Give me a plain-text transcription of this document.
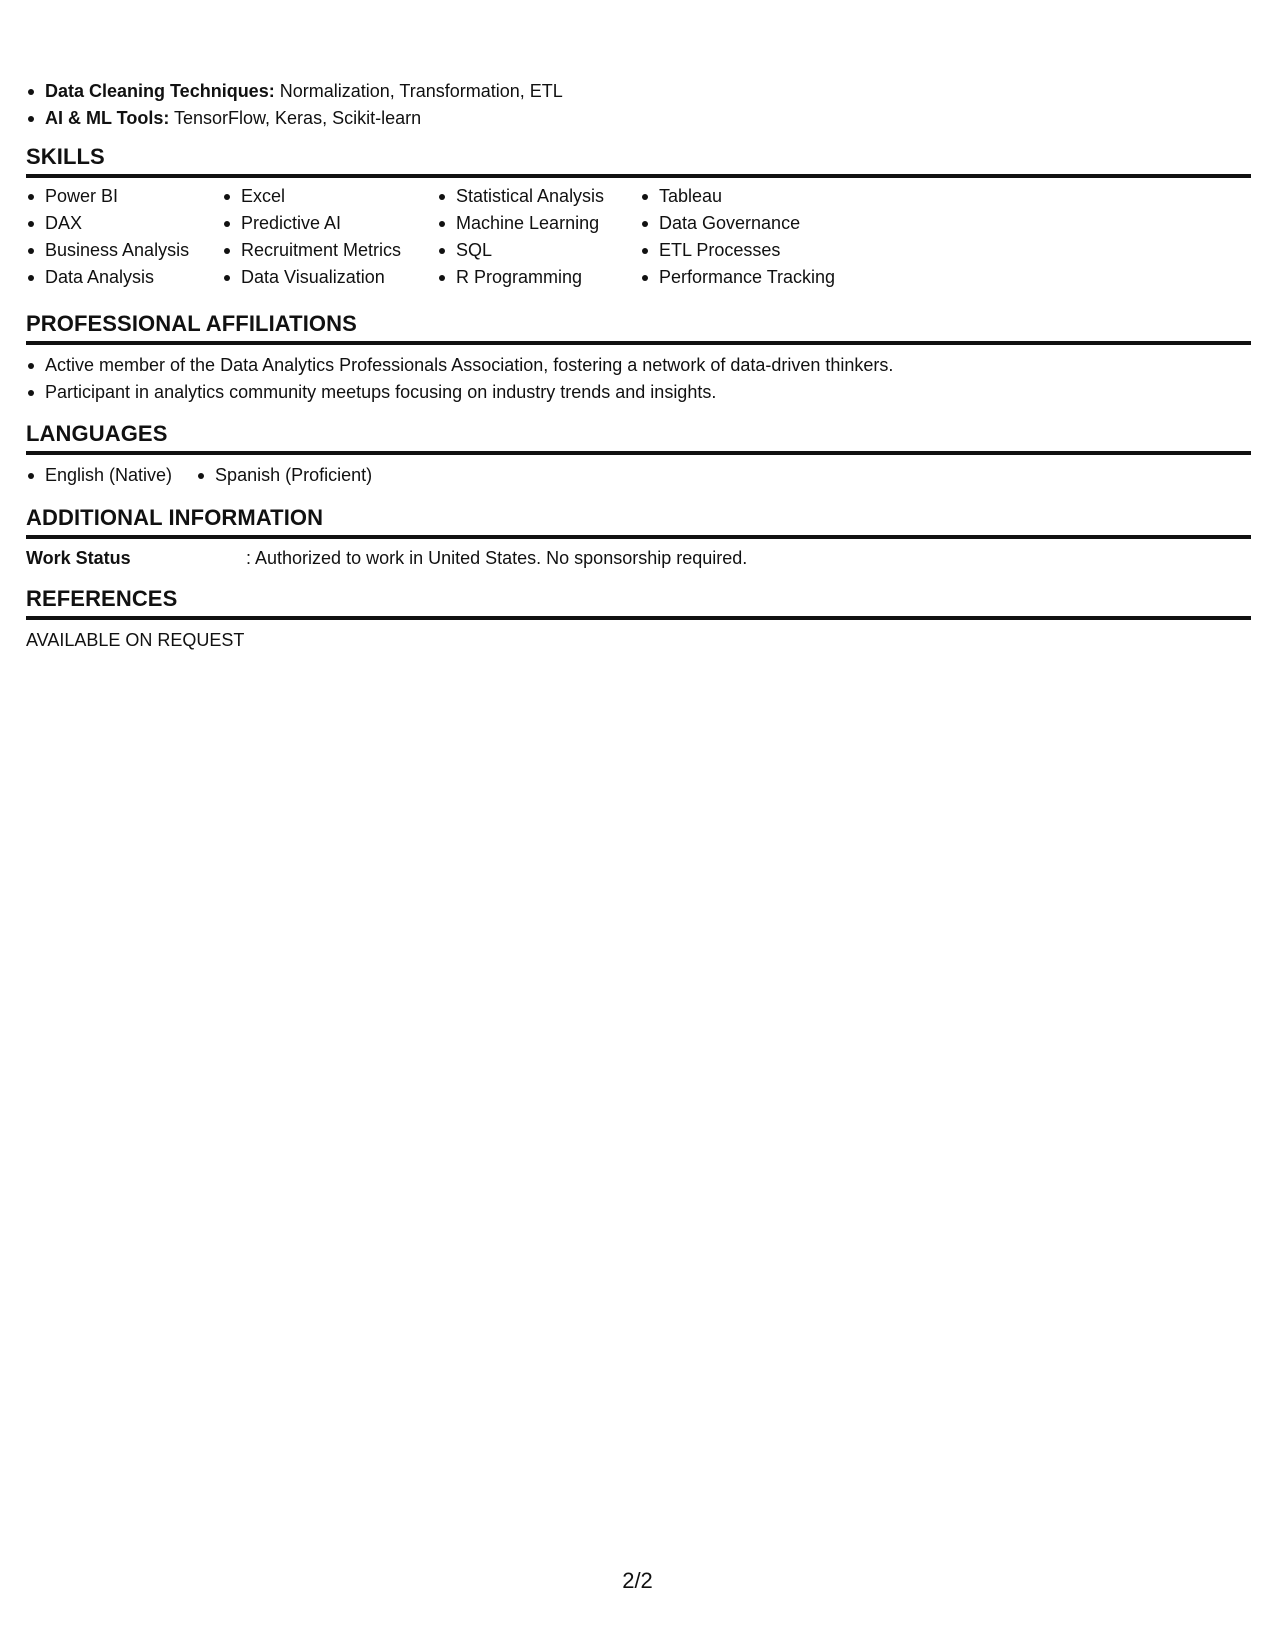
Data Cleaning Techniques: Normalization, Transformation, ETL
AI & ML Tools: TensorFlow, Keras, Scikit-learn
SKILLS
Power BI
DAX
Business Analysis
Data Analysis
Excel
Predictive AI
Recruitment Metrics
Data Visualization
Statistical Analysis
Machine Learning
SQL
R Programming
Tableau
Data Governance
ETL Processes
Performance Tracking
PROFESSIONAL AFFILIATIONS
Active member of the Data Analytics Professionals Association, fostering a network of data-driven thinkers.
Participant in analytics community meetups focusing on industry trends and insights.
LANGUAGES
English (Native)	Spanish (Proficient)
ADDITIONAL INFORMATION
Work Status	: Authorized to work in United States. No sponsorship required.
REFERENCES
AVAILABLE ON REQUEST
2/2
